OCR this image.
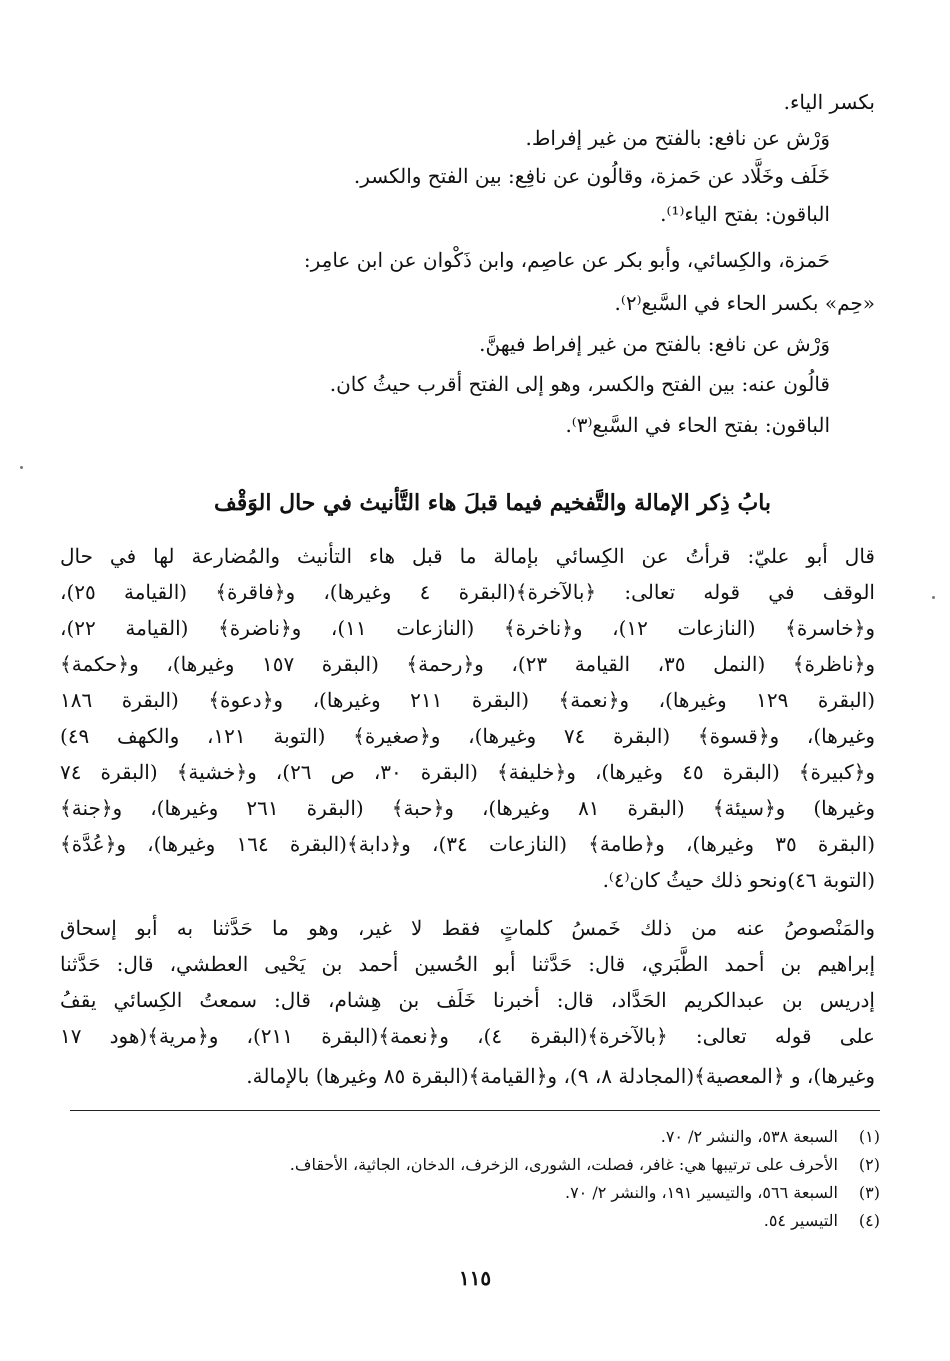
بكسر الياء.
وَرْش عن نافع: بالفتح من غير إفراط.
خَلَف وخَلَّاد عن حَمزة، وقالُون عن نافِع: بين الفتح والكسر.
الباقون: بفتح الياء⁽¹⁾.
حَمزة، والكِسائي، وأبو بكر عن عاصِم، وابن ذَكْوان عن ابن عامِر:
«حِم» بكسر الحاء في السَّبع⁽٢⁾.
وَرْش عن نافع: بالفتح من غير إفراط فيهنَّ.
قالُون عنه: بين الفتح والكسر، وهو إلى الفتح أقرب حيثُ كان.
الباقون: بفتح الحاء في السَّبع⁽٣⁾.
بابُ ذِكر الإمالة والتَّفخيم فيما قبلَ هاء التَّأنيث في حال الوَقْف
قال أبو عليّ: قرأتُ عن الكِسائي بإمالة ما قبل هاء التأنيث والمُضارعة لها في حال
الوقف في قوله تعالى: ﴿بالآخرة﴾(البقرة ٤ وغيرها)، و﴿فاقرة﴾ (القيامة ٢٥)،
و﴿خاسرة﴾ (النازعات ١٢)، و﴿ناخرة﴾ (النازعات ١١)، و﴿ناضرة﴾ (القيامة ٢٢)،
و﴿ناظرة﴾ (النمل ٣٥، القيامة ٢٣)، و﴿رحمة﴾ (البقرة ١٥٧ وغيرها)، و﴿حكمة﴾
(البقرة ١٢٩ وغيرها)، و﴿نعمة﴾ (البقرة ٢١١ وغيرها)، و﴿دعوة﴾ (البقرة ١٨٦
وغيرها)، و﴿قسوة﴾ (البقرة ٧٤ وغيرها)، و﴿صغيرة﴾ (التوبة ١٢١، والكهف ٤٩)
و﴿كبيرة﴾ (البقرة ٤٥ وغيرها)، و﴿خليفة﴾ (البقرة ٣٠، ص ٢٦)، و﴿خشية﴾ (البقرة ٧٤
وغيرها) و﴿سيئة﴾ (البقرة ٨١ وغيرها)، و﴿حبة﴾ (البقرة ٢٦١ وغيرها)، و﴿جنة﴾
(البقرة ٣٥ وغيرها)، و﴿طامة﴾ (النازعات ٣٤)، و﴿دابة﴾(البقرة ١٦٤ وغيرها)، و﴿عُدَّة﴾
(التوبة ٤٦)ونحو ذلك حيثُ كان⁽٤⁾.
والمَنْصوصُ عنه من ذلك خَمسُ كلماتٍ فقط لا غير، وهو ما حَدَّثنا به أبو إسحاق
إبراهيم بن أحمد الطَّبَري، قال: حَدَّثنا أبو الحُسين أحمد بن يَحْيى العطشي، قال: حَدَّثنا
إدريس بن عبدالكريم الحَدَّاد، قال: أخبرنا خَلَف بن هِشام، قال: سمعتُ الكِسائي يقفُ
على قوله تعالى: ﴿بالآخرة﴾(البقرة ٤)، و﴿نعمة﴾(البقرة ٢١١)، و﴿مرية﴾(هود ١٧
وغيرها)، و ﴿المعصية﴾(المجادلة ٨، ٩)، و﴿القيامة﴾(البقرة ٨٥ وغيرها) بالإمالة.
(١)السبعة ٥٣٨، والنشر ٢/ ٧٠.
(٢)الأحرف على ترتيبها هي: غافر، فصلت، الشورى، الزخرف، الدخان، الجاثية، الأحقاف.
(٣)السبعة ٥٦٦، والتيسير ١٩١، والنشر ٢/ ٧٠.
(٤)التيسير ٥٤.
١١٥
